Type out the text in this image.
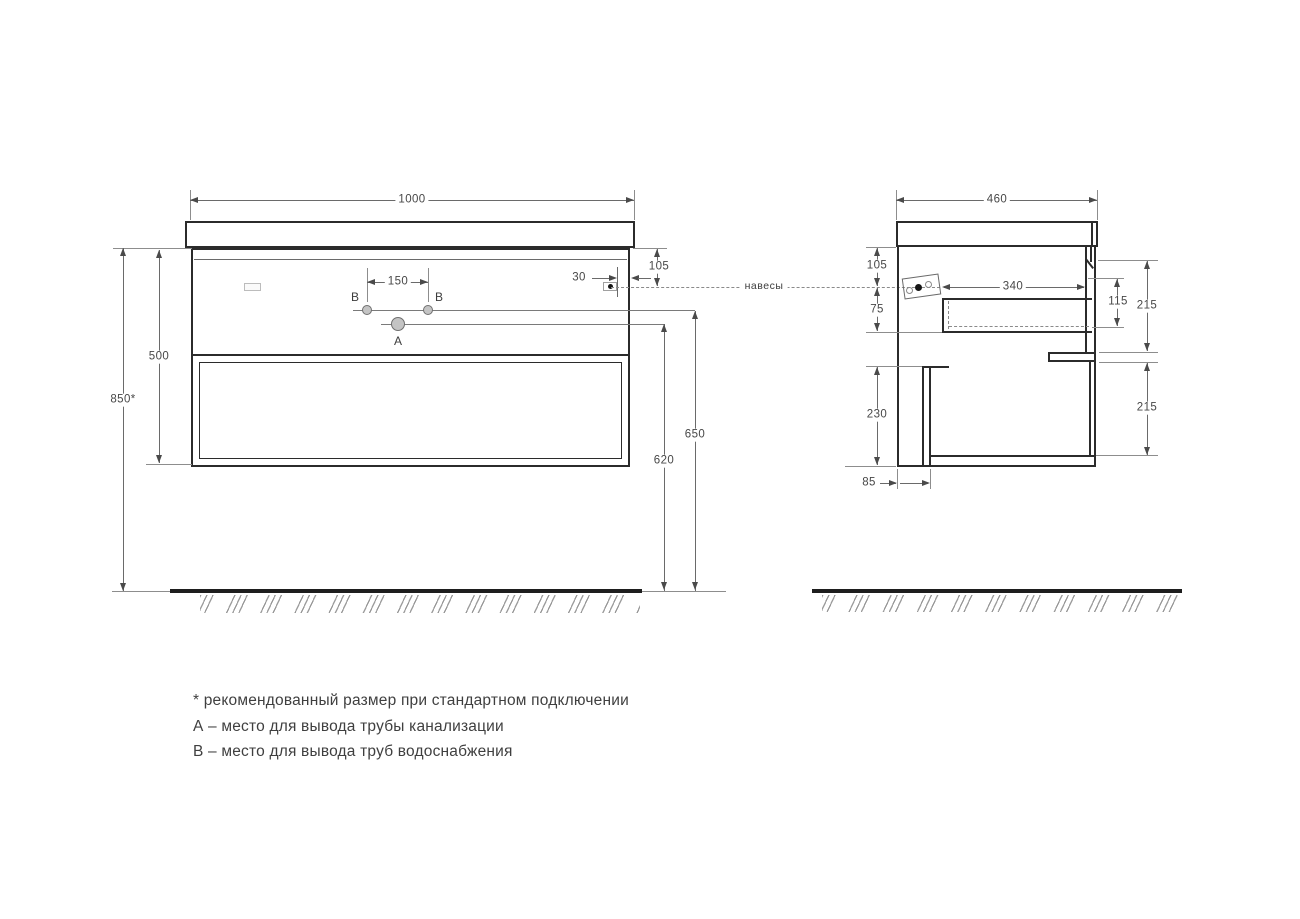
1000
150
В	В
А
30
105
650
620
500
850*
навесы
460
340
115 215
215
230
105
75
85
* рекомендованный размер при стандартном подключении
А – место для вывода трубы канализации
В – место для вывода труб водоснабжения
